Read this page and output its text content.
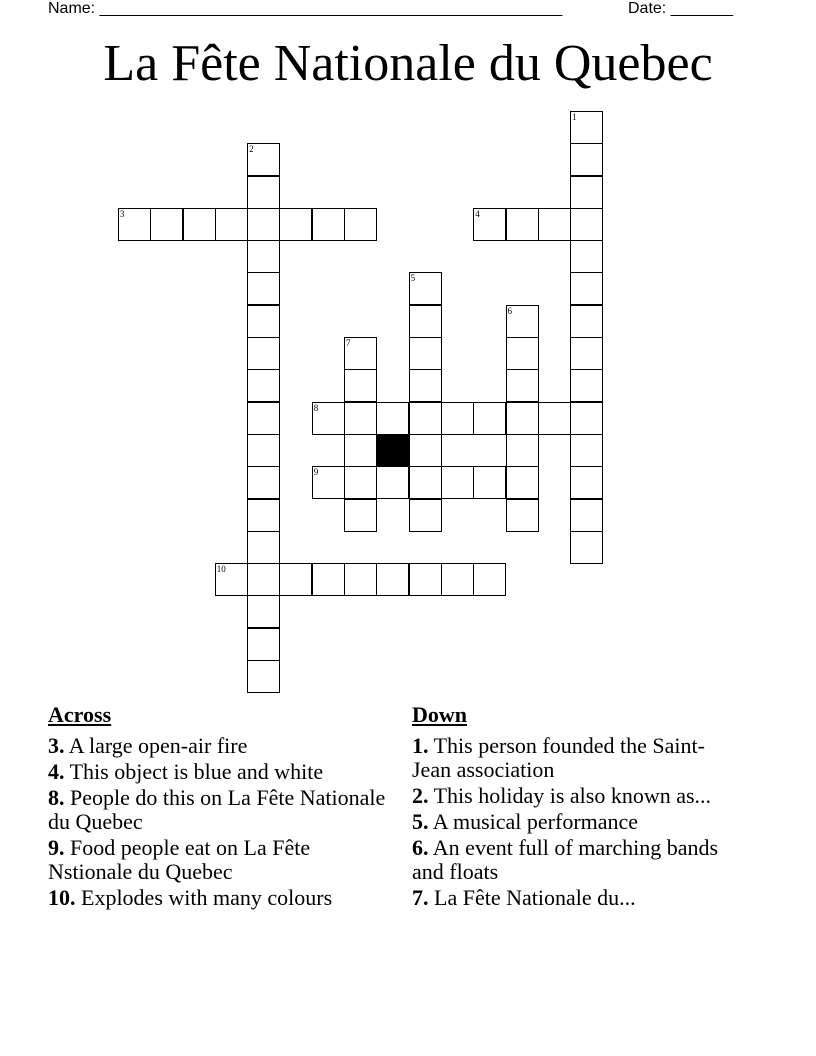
Name: ____________________________________________________	Date: _______
La Fête Nationale du Quebec
1
2
3	4
5
6
7
8
9
10
Across
3. A large open-air fire
4. This object is blue and white
8. People do this on La Fête Nationale du Quebec
9. Food people eat on La Fête Nstionale du Quebec
10. Explodes with many colours
Down
1. This person founded the Saint-Jean association
2. This holiday is also known as...
5. A musical performance
6. An event full of marching bands and floats
7. La Fête Nationale du...
